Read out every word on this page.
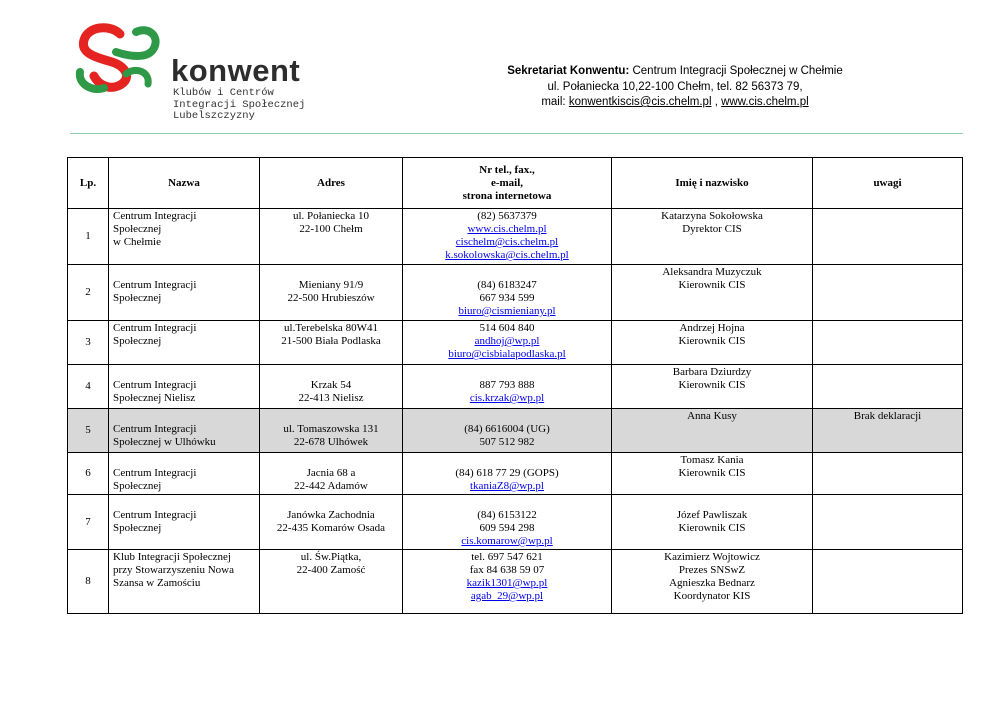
konwent
Klubów i Centrów
Integracji Społecznej
Lubelszczyzny
Sekretariat Konwentu: Centrum Integracji Społecznej w Chełmie
ul. Połaniecka 10,22-100 Chełm, tel. 82 56373 79,
mail: konwentkiscis@cis.chelm.pl , www.cis.chelm.pl
Lp.	Nazwa	Adres	Nr tel., fax.,
e-mail,
strona internetowa	Imię i nazwisko	uwagi

1	Centrum Integracji
Społecznej
w Chełmie	ul. Połaniecka 10
22-100 Chełm	(82) 5637379
www.cis.chelm.pl
cischelm@cis.chelm.pl
k.sokolowska@cis.chelm.pl	Katarzyna Sokołowska
Dyrektor CIS	

2	Centrum Integracji
Społecznej	Mieniany 91/9
22-500 Hrubieszów	(84) 6183247
667 934 599
biuro@cismieniany.pl	Aleksandra Muzyczuk
Kierownik CIS	

3	Centrum Integracji
Społecznej	ul.Terebelska 80W41
21-500 Biała Podlaska	514 604 840
andhoj@wp.pl
biuro@cisbialapodlaska.pl	Andrzej Hojna
Kierownik CIS	

4	Centrum Integracji
Społecznej Nielisz	Krzak 54
22-413 Nielisz	887 793 888
cis.krzak@wp.pl	Barbara Dziurdzy
Kierownik CIS	

5	Centrum Integracji
Społecznej w Ulhówku	ul. Tomaszowska 131
22-678 Ulhówek	(84) 6616004 (UG)
507 512 982	Anna Kusy	Brak deklaracji

6	Centrum Integracji
Społecznej	Jacnia 68 a
22-442 Adamów	(84) 618 77 29 (GOPS)
tkaniaZ8@wp.pl	Tomasz Kania
Kierownik CIS	

7	Centrum Integracji
Społecznej	Janówka Zachodnia
22-435 Komarów Osada	(84) 6153122
609 594 298
cis.komarow@wp.pl	Józef Pawliszak
Kierownik CIS	

8	Klub Integracji Społecznej
przy Stowarzyszeniu Nowa
Szansa w Zamościu	ul. Św.Piątka,
22-400 Zamość	tel. 697 547 621
fax 84 638 59 07
kazik1301@wp.pl
agab_29@wp.pl	Kazimierz Wojtowicz
Prezes SNSwZ
Agnieszka Bednarz
Koordynator KIS	
